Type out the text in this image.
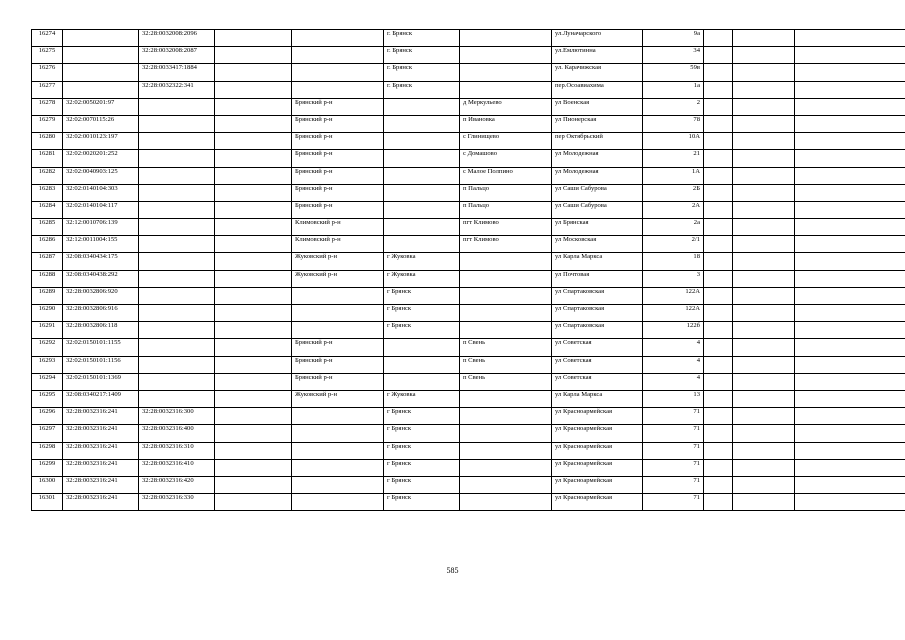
16274		32:28:0032008:2096			г. Брянск		ул.Луначарского	9а			
16275		32:28:0032008:2087			г. Брянск		ул.Емлютинна	34			
16276		32:28:0033417:1884			г. Брянск		ул. Карачижская	59в			
16277		32:28:0032322:341			г. Брянск		пер.Осоавиахима	1а			
16278	32:02:0050201:97			Брянский р-н		д Меркульево	ул Военская	2			
16279	32:02:0070115:26			Брянский р-н		п Ивановка	ул Пионерская	78			
16280	32:02:0010123:197			Брянский р-н		с Глинищево	пер Октябрьский	10А			
16281	32:02:0020201:252			Брянский р-н		с Домашово	ул Молодежная	21			
16282	32:02:0040903:125			Брянский р-н		с Малое Полпино	ул Молодежная	1А			
16283	32:02:0140104:303			Брянский р-н		п Пальцо	ул Саши Сабурова	2Б			
16284	32:02:0140104:117			Брянский р-н		п Пальцо	ул Саши Сабурова	2А			
16285	32:12:0010706:139			Климовский р-н		пгт Климово	ул Брянская	2а			
16286	32:12:0011004:155			Климовский р-н		пгт Климово	ул Московская	2/1			
16287	32:08:0340434:175			Жуковский р-н	г Жуковка		ул Карла Маркса	18			
16288	32:08:0340438:292			Жуковский р-н	г Жуковка		ул Почтовая	3			
16289	32:28:0032806:920				г Брянск		ул Спартаковская	122А			
16290	32:28:0032806:916				г Брянск		ул Спартаковская	122А			
16291	32:28:0032806:118				г Брянск		ул Спартаковская	122б			
16292	32:02:0150101:1155			Брянский р-н		п Свень	ул Советская	4			
16293	32:02:0150101:1156			Брянский р-н		п Свень	ул Советская	4			
16294	32:02:0150101:1369			Брянский р-н		п Свень	ул Советская	4			
16295	32:08:0340217:1409			Жуковский р-н	г Жуковка		ул Карла Маркса	13			
16296	32:28:0032316:241	32:28:0032316:300			г Брянск		ул Красноармейская	71			
16297	32:28:0032316:241	32:28:0032316:400			г Брянск		ул Красноармейская	71			
16298	32:28:0032316:241	32:28:0032316:310			г Брянск		ул Красноармейская	71			
16299	32:28:0032316:241	32:28:0032316:410			г Брянск		ул Красноармейская	71			
16300	32:28:0032316:241	32:28:0032316:420			г Брянск		ул Красноармейская	71			
16301	32:28:0032316:241	32:28:0032316:330			г Брянск		ул Красноармейская	71			
585
